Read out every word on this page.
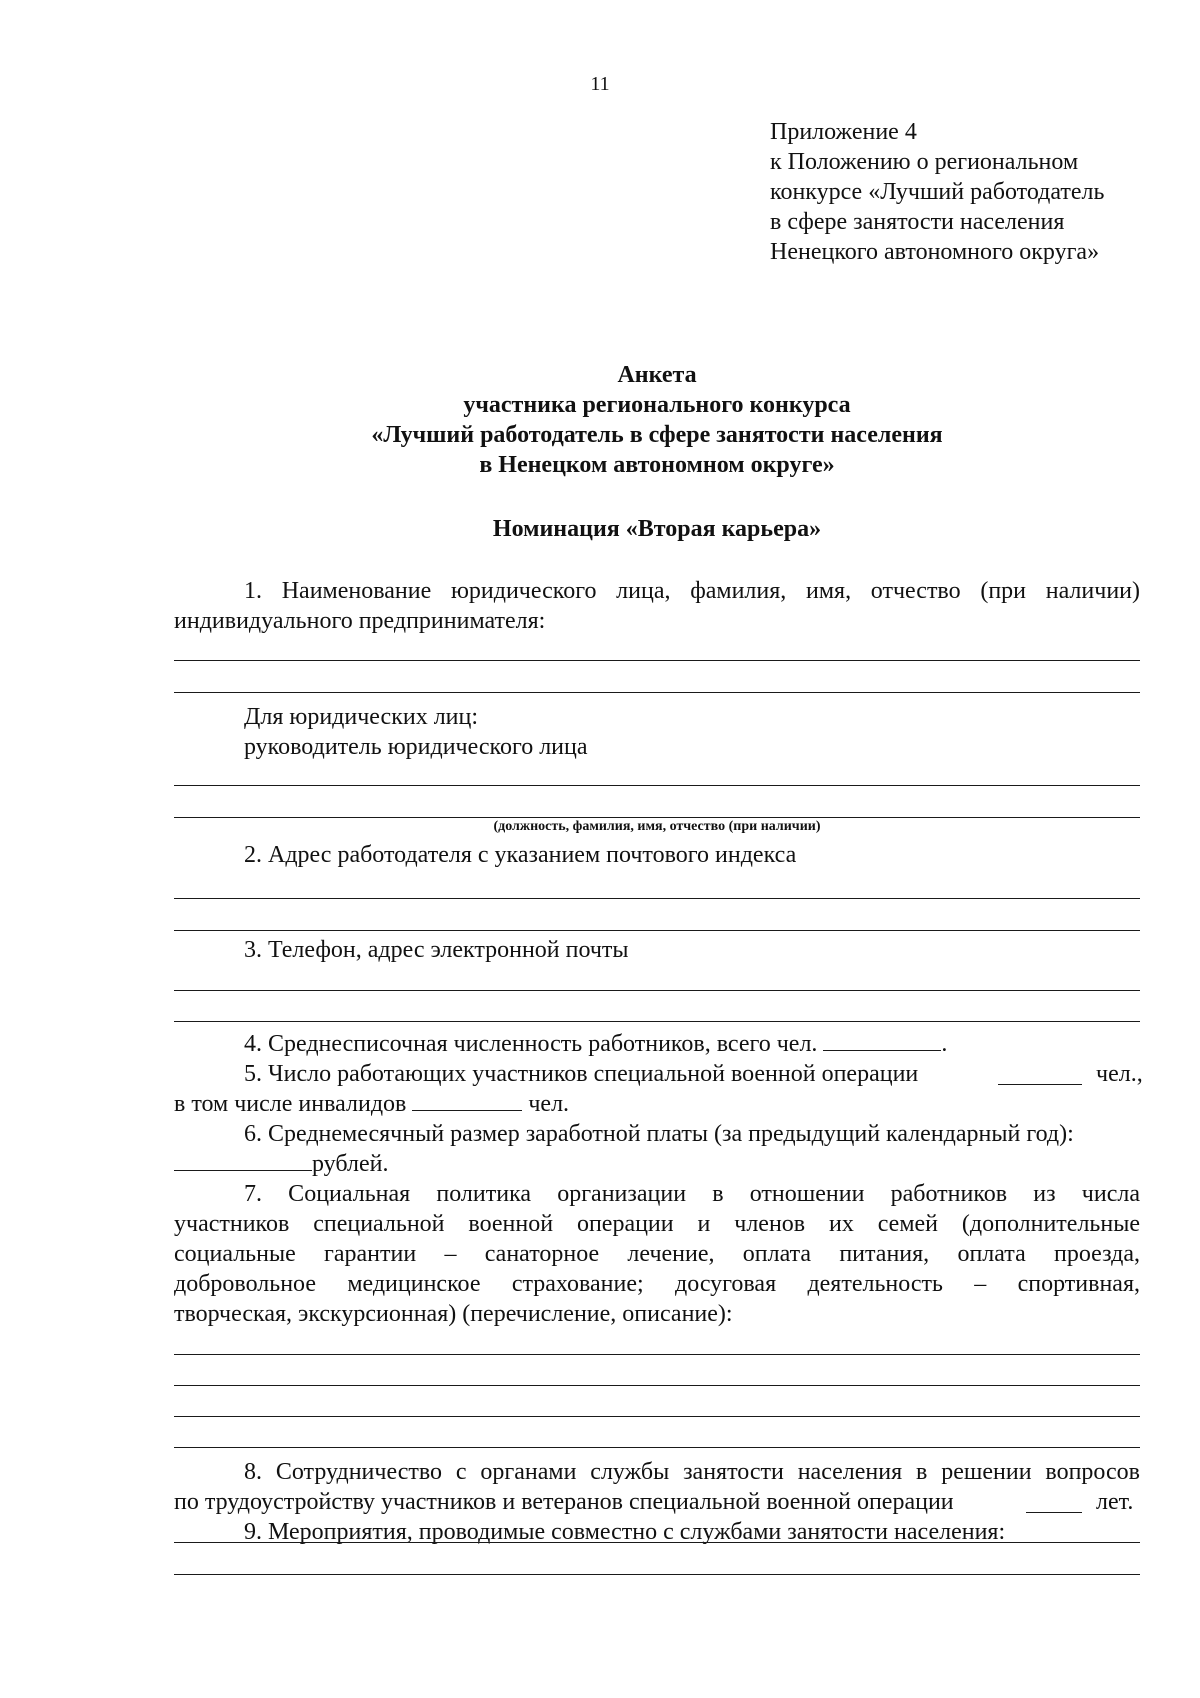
11
Приложение 4
к Положению о региональном
конкурсе «Лучший работодатель
в сфере занятости населения
Ненецкого автономного округа»
Анкета
участника регионального конкурса
«Лучший работодатель в сфере занятости населения
в Ненецком автономном округе»
Номинация «Вторая карьера»
1. Наименование юридического лица, фамилия, имя, отчество (при наличии)
индивидуального предпринимателя:
Для юридических лиц:
руководитель юридического лица
(должность, фамилия, имя, отчество (при наличии)
2. Адрес работодателя с указанием почтового индекса
3. Телефон, адрес электронной почты
4. Среднесписочная численность работников, всего чел.	.
5. Число работающих участников специальной военной операции	чел.,
в том числе инвалидов	чел.
6. Среднемесячный размер заработной платы (за предыдущий календарный год):
рублей.
7. Социальная политика организации в отношении работников из числа
участников специальной военной операции и членов их семей (дополнительные
социальные гарантии – санаторное лечение, оплата питания, оплата проезда,
добровольное медицинское страхование; досуговая деятельность – спортивная,
творческая, экскурсионная) (перечисление, описание):
8. Сотрудничество с органами службы занятости населения в решении вопросов
по трудоустройству участников и ветеранов специальной военной операции	лет.
9. Мероприятия, проводимые совместно с службами занятости населения:
